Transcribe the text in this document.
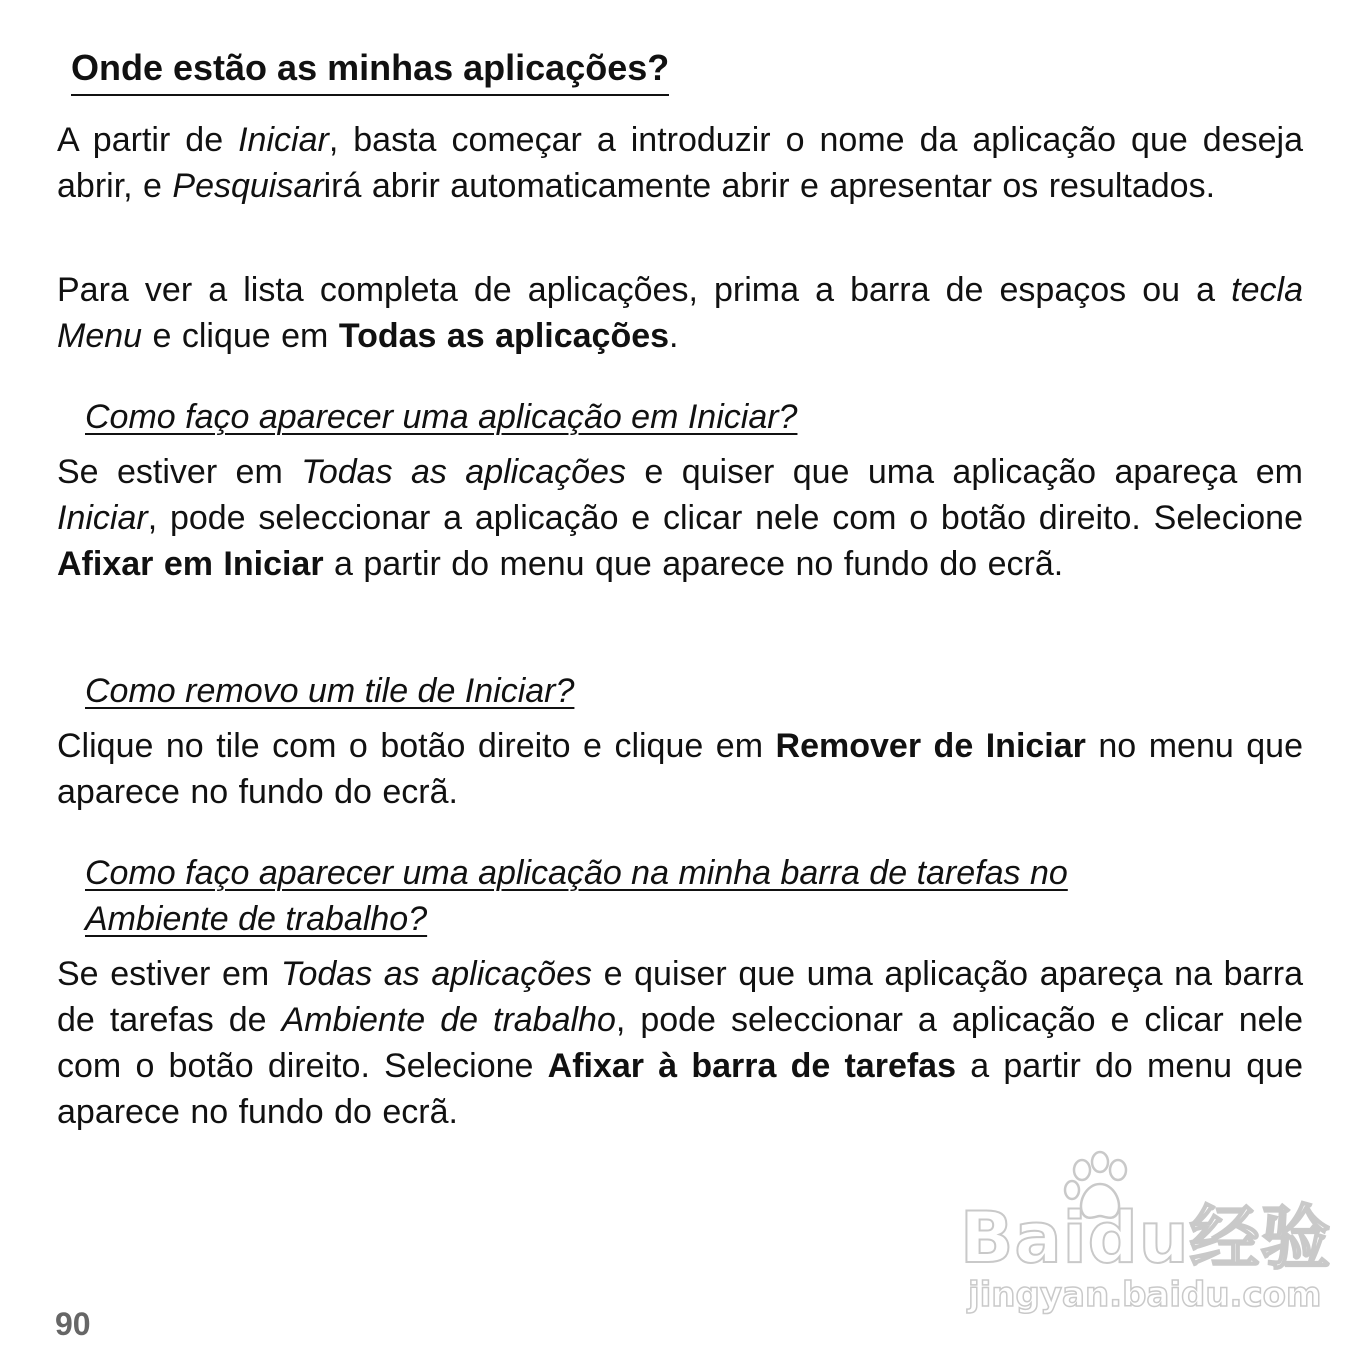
Onde estão as minhas aplicações?

A partir de Iniciar, basta começar a introduzir o nome da aplicação que deseja abrir, e Pesquisarirá abrir automaticamente abrir e apresentar os resultados.

Para ver a lista completa de aplicações, prima a barra de espaços ou a tecla Menu e clique em Todas as aplicações.

Como faço aparecer uma aplicação em Iniciar?

Se estiver em Todas as aplicações e quiser que uma aplicação apareça em Iniciar, pode seleccionar a aplicação e clicar nele com o botão direito. Selecione Afixar em Iniciar a partir do menu que aparece no fundo do ecrã.

Como removo um tile de Iniciar?

Clique no tile com o botão direito e clique em Remover de Iniciar no menu que aparece no fundo do ecrã.

Como faço aparecer uma aplicação na minha barra de tarefas no Ambiente de trabalho?

Se estiver em Todas as aplicações e quiser que uma aplicação apareça na barra de tarefas de Ambiente de trabalho, pode seleccionar a aplicação e clicar nele com o botão direito. Selecione Afixar à barra de tarefas a partir do menu que aparece no fundo do ecrã.

90
Baidu经验
jingyan.baidu.com
